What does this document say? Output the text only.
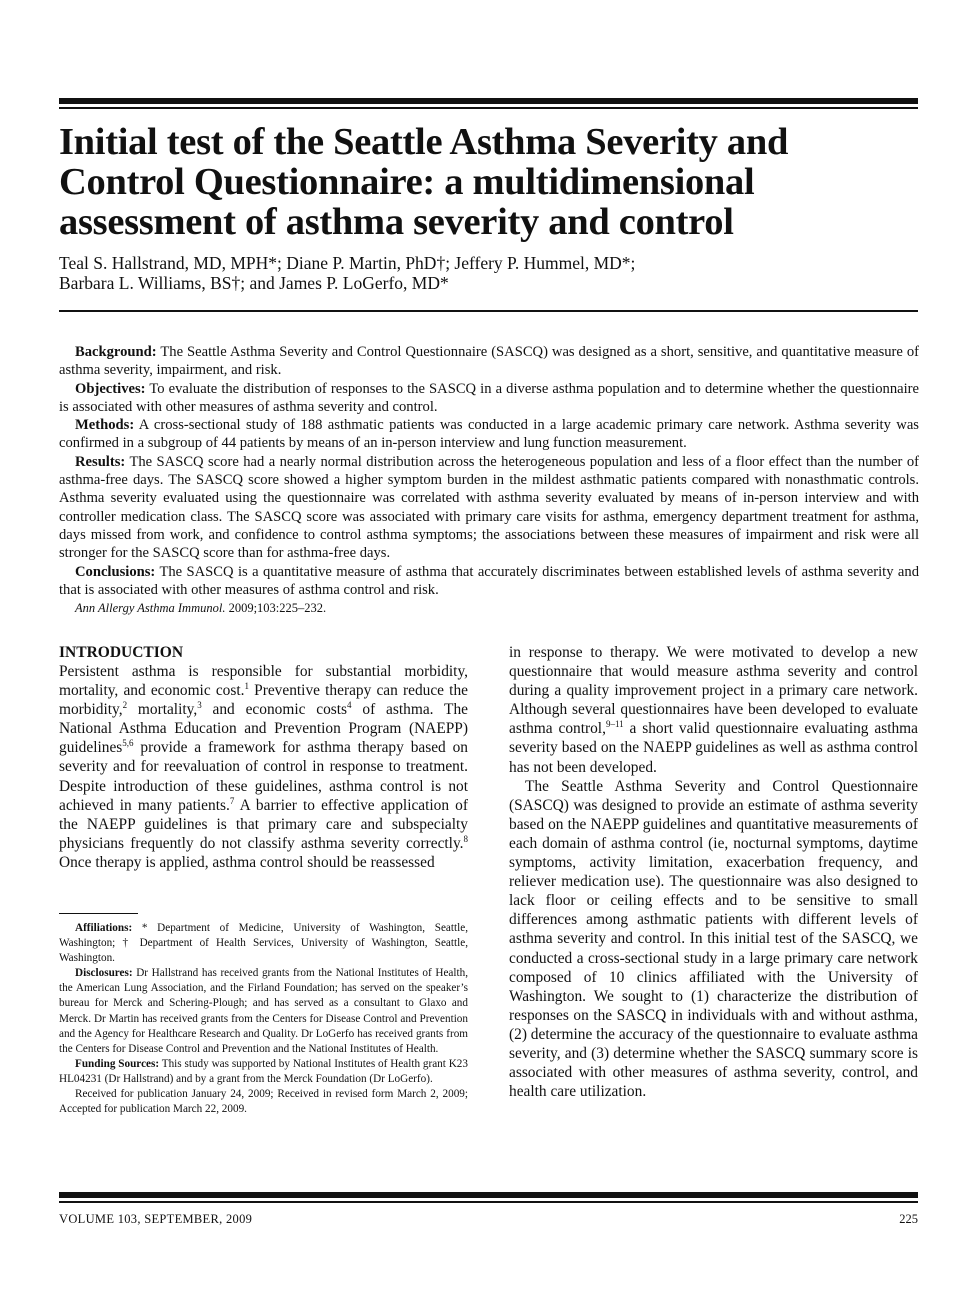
Initial test of the Seattle Asthma Severity and Control Questionnaire: a multidimensional assessment of asthma severity and control
Teal S. Hallstrand, MD, MPH*; Diane P. Martin, PhD†; Jeffery P. Hummel, MD*;
Barbara L. Williams, BS†; and James P. LoGerfo, MD*

Background: The Seattle Asthma Severity and Control Questionnaire (SASCQ) was designed as a short, sensitive, and quantitative measure of asthma severity, impairment, and risk.

Objectives: To evaluate the distribution of responses to the SASCQ in a diverse asthma population and to determine whether the questionnaire is associated with other measures of asthma severity and control.

Methods: A cross-sectional study of 188 asthmatic patients was conducted in a large academic primary care network. Asthma severity was confirmed in a subgroup of 44 patients by means of an in-person interview and lung function measurement.

Results: The SASCQ score had a nearly normal distribution across the heterogeneous population and less of a floor effect than the number of asthma-free days. The SASCQ score showed a higher symptom burden in the mildest asthmatic patients compared with nonasthmatic controls. Asthma severity evaluated using the questionnaire was correlated with asthma severity evaluated by means of in-person interview and with controller medication class. The SASCQ score was associated with primary care visits for asthma, emergency department treatment for asthma, days missed from work, and confidence to control asthma symptoms; the associations between these measures of impairment and risk were all stronger for the SASCQ score than for asthma-free days.

Conclusions: The SASCQ is a quantitative measure of asthma that accurately discriminates between established levels of asthma severity and that is associated with other measures of asthma control and risk.

Ann Allergy Asthma Immunol. 2009;103:225–232.

INTRODUCTION

Persistent asthma is responsible for substantial morbidity, mortality, and economic cost.$^1$ Preventive therapy can reduce the morbidity,$^2$ mortality,$^3$ and economic costs$^4$ of asthma. The National Asthma Education and Prevention Program (NAEPP) guidelines$^{5,6}$ provide a framework for asthma therapy based on severity and for reevaluation of control in response to treatment. Despite introduction of these guidelines, asthma control is not achieved in many patients.$^7$ A barrier to effective application of the NAEPP guidelines is that primary care and subspecialty physicians frequently do not classify asthma severity correctly.$^8$ Once therapy is applied, asthma control should be reassessed

in response to therapy. We were motivated to develop a new questionnaire that would measure asthma severity and control during a quality improvement project in a primary care network. Although several questionnaires have been developed to evaluate asthma control,$^{9-11}$ a short valid questionnaire evaluating asthma severity based on the NAEPP guidelines as well as asthma control has not been developed.

The Seattle Asthma Severity and Control Questionnaire (SASCQ) was designed to provide an estimate of asthma severity based on the NAEPP guidelines and quantitative measurements of each domain of asthma control (ie, nocturnal symptoms, daytime symptoms, activity limitation, exacerbation frequency, and reliever medication use). The questionnaire was also designed to lack floor or ceiling effects and to be sensitive to small differences among asthmatic patients with different levels of asthma severity and control. In this initial test of the SASCQ, we conducted a cross-sectional study in a large primary care network composed of 10 clinics affiliated with the University of Washington. We sought to (1) characterize the distribution of responses on the SASCQ in individuals with and without asthma, (2) determine the accuracy of the questionnaire to evaluate asthma severity, and (3) determine whether the SASCQ summary score is associated with other measures of asthma severity, control, and health care utilization.

Affiliations: * Department of Medicine, University of Washington, Seattle, Washington; † Department of Health Services, University of Washington, Seattle, Washington.

Disclosures: Dr Hallstrand has received grants from the National Institutes of Health, the American Lung Association, and the Firland Foundation; has served on the speaker’s bureau for Merck and Schering-Plough; and has served as a consultant to Glaxo and Merck. Dr Martin has received grants from the Centers for Disease Control and Prevention and the Agency for Healthcare Research and Quality. Dr LoGerfo has received grants from the Centers for Disease Control and Prevention and the National Institutes of Health.

Funding Sources: This study was supported by National Institutes of Health grant K23 HL04231 (Dr Hallstrand) and by a grant from the Merck Foundation (Dr LoGerfo).

Received for publication January 24, 2009; Received in revised form March 2, 2009; Accepted for publication March 22, 2009.

VOLUME 103, SEPTEMBER, 2009	225
